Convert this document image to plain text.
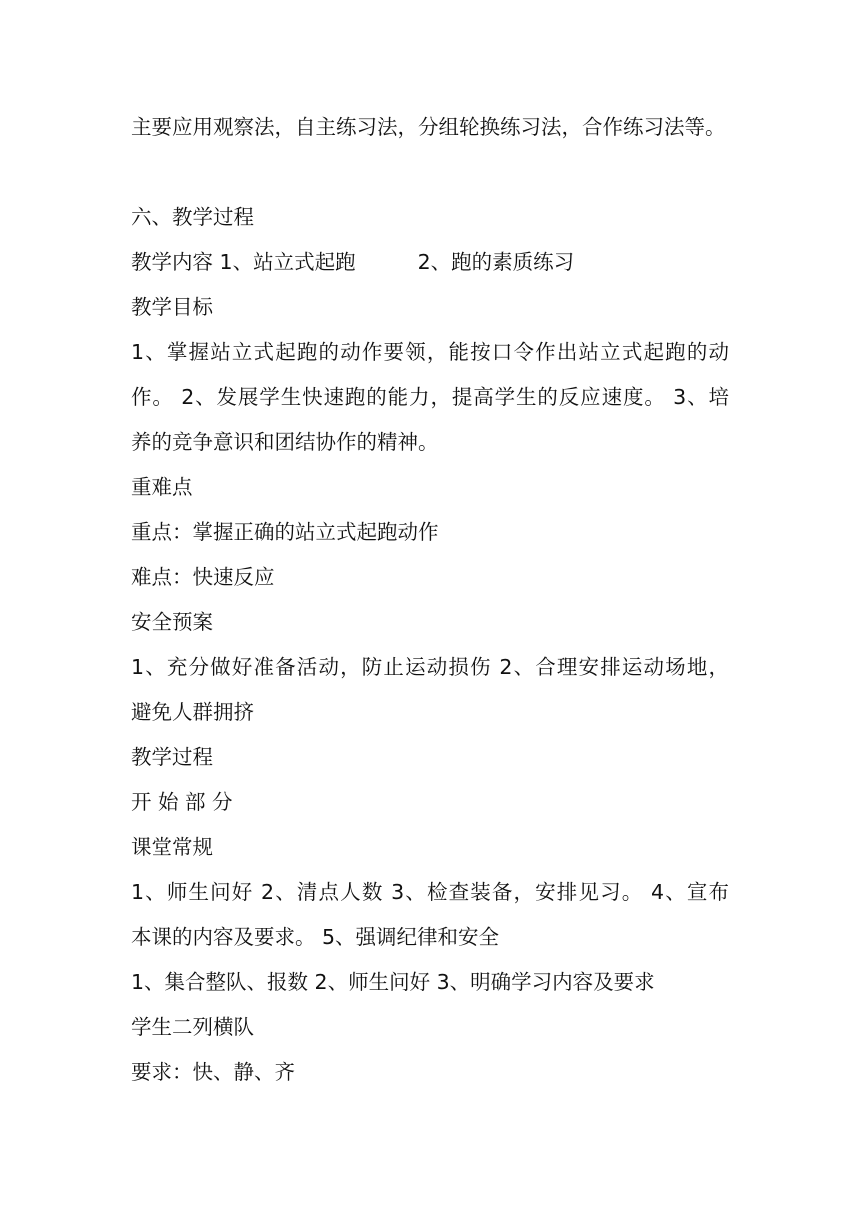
主要应用观察法，自主练习法，分组轮换练习法，合作练习法等。
六、教学过程
教学内容 1、站立式起跑	2、跑的素质练习
教学目标
1、掌握站立式起跑的动作要领，能按口令作出站立式起跑的动
作。 2、发展学生快速跑的能力，提高学生的反应速度。 3、培
养的竞争意识和团结协作的精神。
重难点
重点：掌握正确的站立式起跑动作
难点：快速反应
安全预案
1、充分做好准备活动，防止运动损伤 2、合理安排运动场地，
避免人群拥挤
教学过程
开 始 部 分
课堂常规
1、师生问好 2、清点人数 3、检查装备，安排见习。 4、宣布
本课的内容及要求。 5、强调纪律和安全
1、集合整队、报数 2、师生问好 3、明确学习内容及要求
学生二列横队
要求：快、静、齐
